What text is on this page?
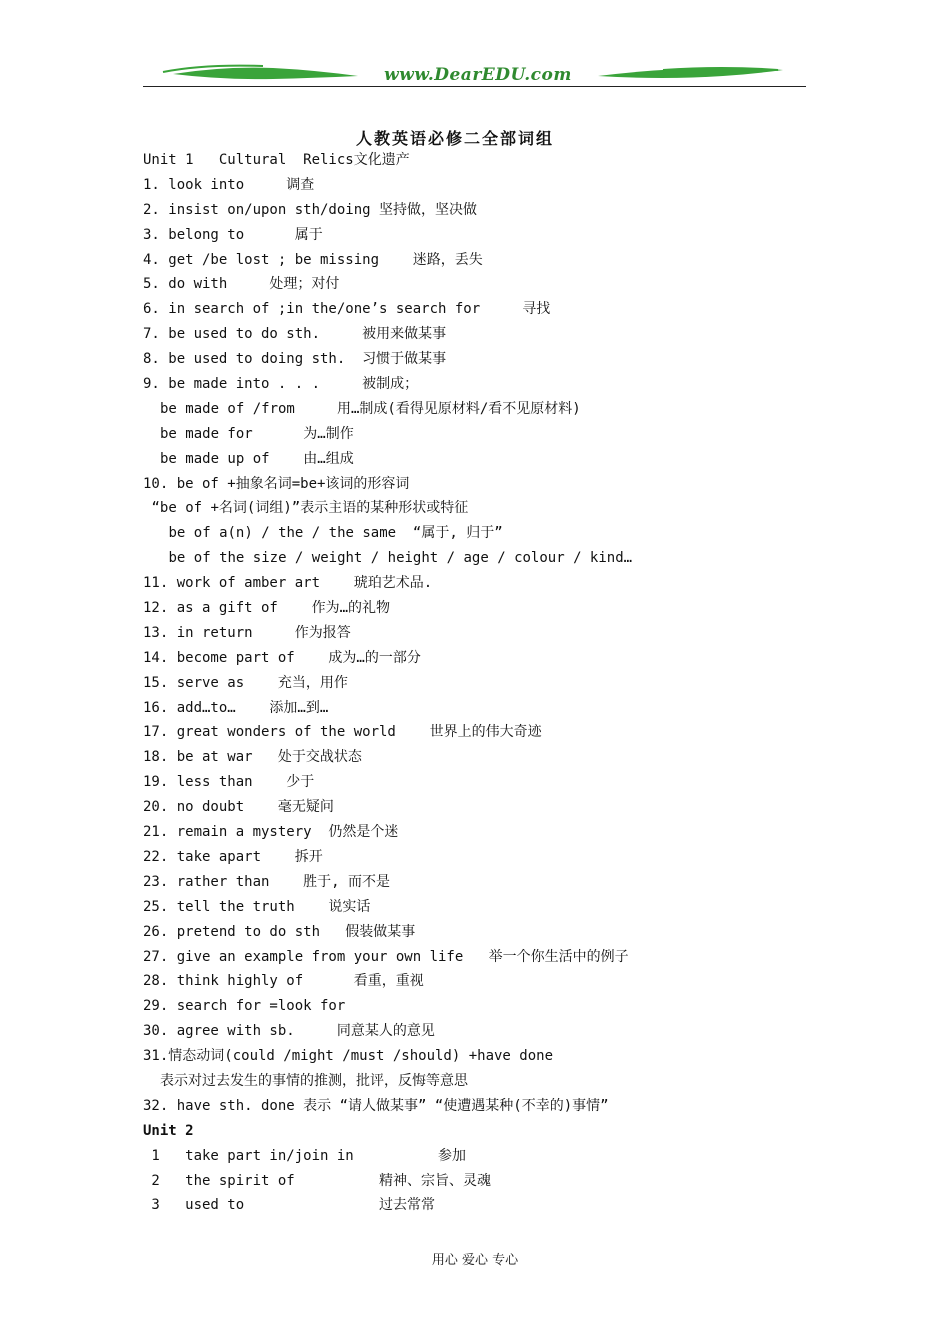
www.DearEDU.com
人教英语必修二全部词组
Unit 1   Cultural  Relics文化遗产
1. look into     调查
2. insist on/upon sth/doing 坚持做，坚决做
3. belong to      属于
4. get /be lost ; be missing    迷路，丢失
5. do with     处理；对付
6. in search of ;in the/one’s search for     寻找
7. be used to do sth.     被用来做某事
8. be used to doing sth.  习惯于做某事
9. be made into . . .     被制成；
be made of /from     用…制成(看得见原材料/看不见原材料)
be made for      为…制作
be made up of    由…组成
10. be of +抽象名词=be+该词的形容词
“be of +名词(词组)”表示主语的某种形状或特征
be of a(n) / the / the same  “属于, 归于”
be of the size / weight / height / age / colour / kind…
11. work of amber art    琥珀艺术品.
12. as a gift of    作为…的礼物
13. in return     作为报答
14. become part of    成为…的一部分
15. serve as    充当，用作
16. add…to…    添加…到…
17. great wonders of the world    世界上的伟大奇迹
18. be at war   处于交战状态
19. less than    少于
20. no doubt    毫无疑问
21. remain a mystery  仍然是个迷
22. take apart    拆开
23. rather than    胜于, 而不是
25. tell the truth    说实话
26. pretend to do sth   假装做某事
27. give an example from your own life   举一个你生活中的例子
28. think highly of      看重，重视
29. search for =look for
30. agree with sb.     同意某人的意见
31.情态动词(could /might /must /should) +have done
表示对过去发生的事情的推测，批评，反悔等意思
32. have sth. done 表示 “请人做某事” “使遭遇某种(不幸的)事情”
Unit 2
1   take part in/join in          参加
2   the spirit of          精神、宗旨、灵魂
3   used to                过去常常
用心 爱心 专心
